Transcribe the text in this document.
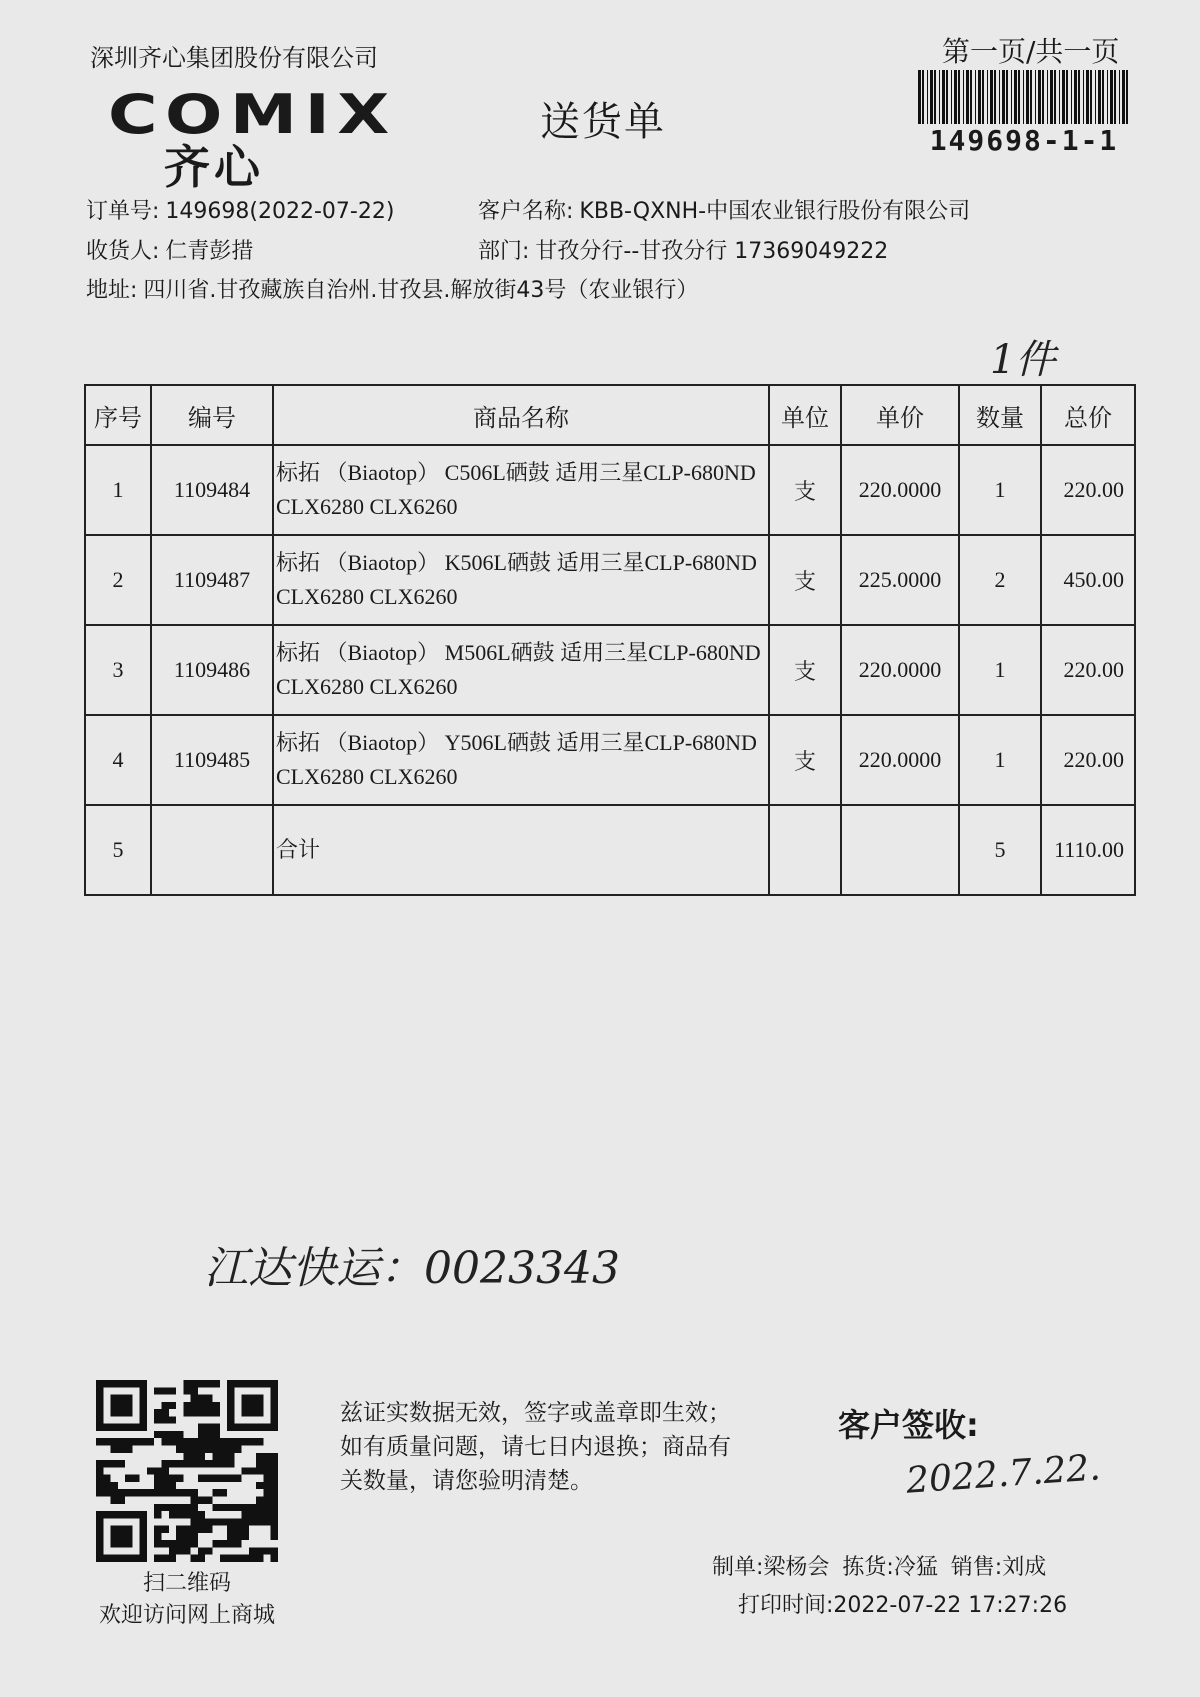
深圳齐心集团股份有限公司	第一页/共一页
149698-1-1
COMIX
齐心
送货单
订单号: 149698(2022-07-22)	客户名称: KBB-QXNH-中国农业银行股份有限公司
收货人: 仁青彭措	部门: 甘孜分行--甘孜分行 17369049222
地址: 四川省.甘孜藏族自治州.甘孜县.解放街43号（农业银行）
1件
序号	编号	商品名称	单位	单价	数量	总价
1	1109484	标拓 （Biaotop） C506L硒鼓 适用三星CLP-680ND CLX6280 CLX6260	支	220.0000	1	220.00
2	1109487	标拓 （Biaotop） K506L硒鼓 适用三星CLP-680ND CLX6280 CLX6260	支	225.0000	2	450.00
3	1109486	标拓 （Biaotop） M506L硒鼓 适用三星CLP-680ND CLX6280 CLX6260	支	220.0000	1	220.00
4	1109485	标拓 （Biaotop） Y506L硒鼓 适用三星CLP-680ND CLX6280 CLX6260	支	220.0000	1	220.00
5		合计			5	1110.00
江达快运：0023343
扫二维码
欢迎访问网上商城
兹证实数据无效，签字或盖章即生效；如有质量问题，请七日内退换；商品有关数量，请您验明清楚。
客户签收:
2022.7.22.
制单:梁杨会 拣货:冷猛 销售:刘成
打印时间:2022-07-22 17:27:26
